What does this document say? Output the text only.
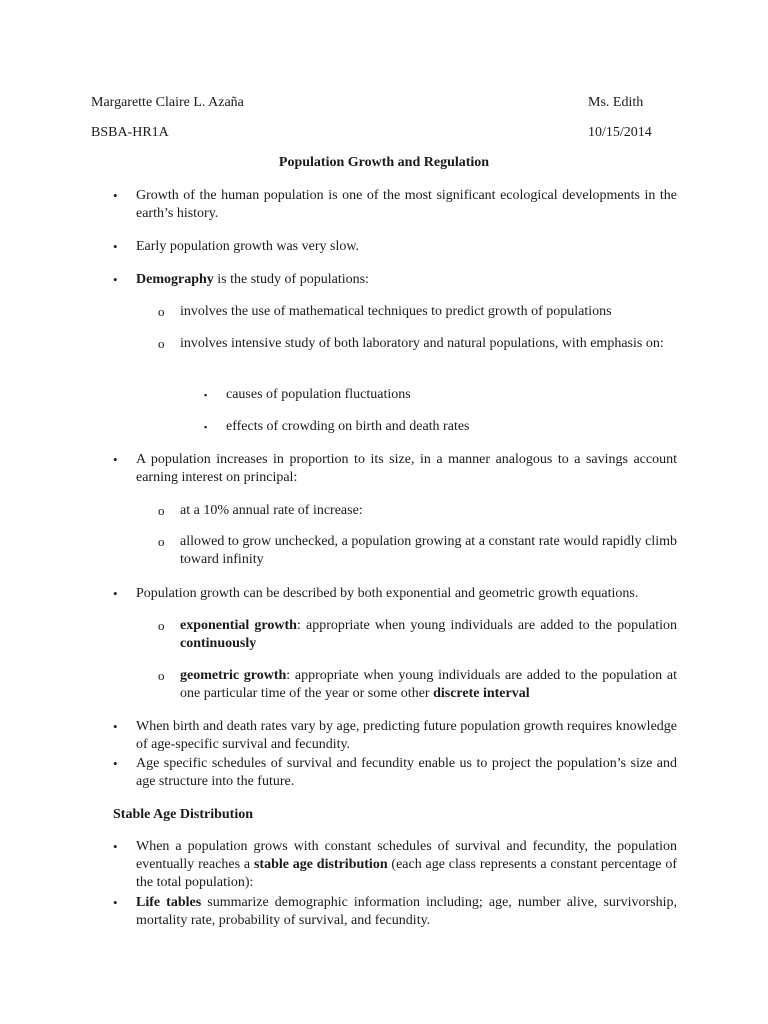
Margarette Claire L. Azaña	Ms. Edith
BSBA-HR1A	10/15/2014
Population Growth and Regulation
• Growth of the human population is one of the most significant ecological developments in the earth’s history.
• Early population growth was very slow.
• Demography is the study of populations:
o involves the use of mathematical techniques to predict growth of populations
o involves intensive study of both laboratory and natural populations, with emphasis on:
▪ causes of population fluctuations
▪ effects of crowding on birth and death rates
• A population increases in proportion to its size, in a manner analogous to a savings account earning interest on principal:
o at a 10% annual rate of increase:
o allowed to grow unchecked, a population growing at a constant rate would rapidly climb toward infinity
• Population growth can be described by both exponential and geometric growth equations.
o exponential growth: appropriate when young individuals are added to the population continuously
o geometric growth: appropriate when young individuals are added to the population at one particular time of the year or some other discrete interval
• When birth and death rates vary by age, predicting future population growth requires knowledge of age-specific survival and fecundity.
• Age specific schedules of survival and fecundity enable us to project the population’s size and age structure into the future.
Stable Age Distribution
• When a population grows with constant schedules of survival and fecundity, the population eventually reaches a stable age distribution (each age class represents a constant percentage of the total population):
• Life tables summarize demographic information including; age, number alive, survivorship, mortality rate, probability of survival, and fecundity.
